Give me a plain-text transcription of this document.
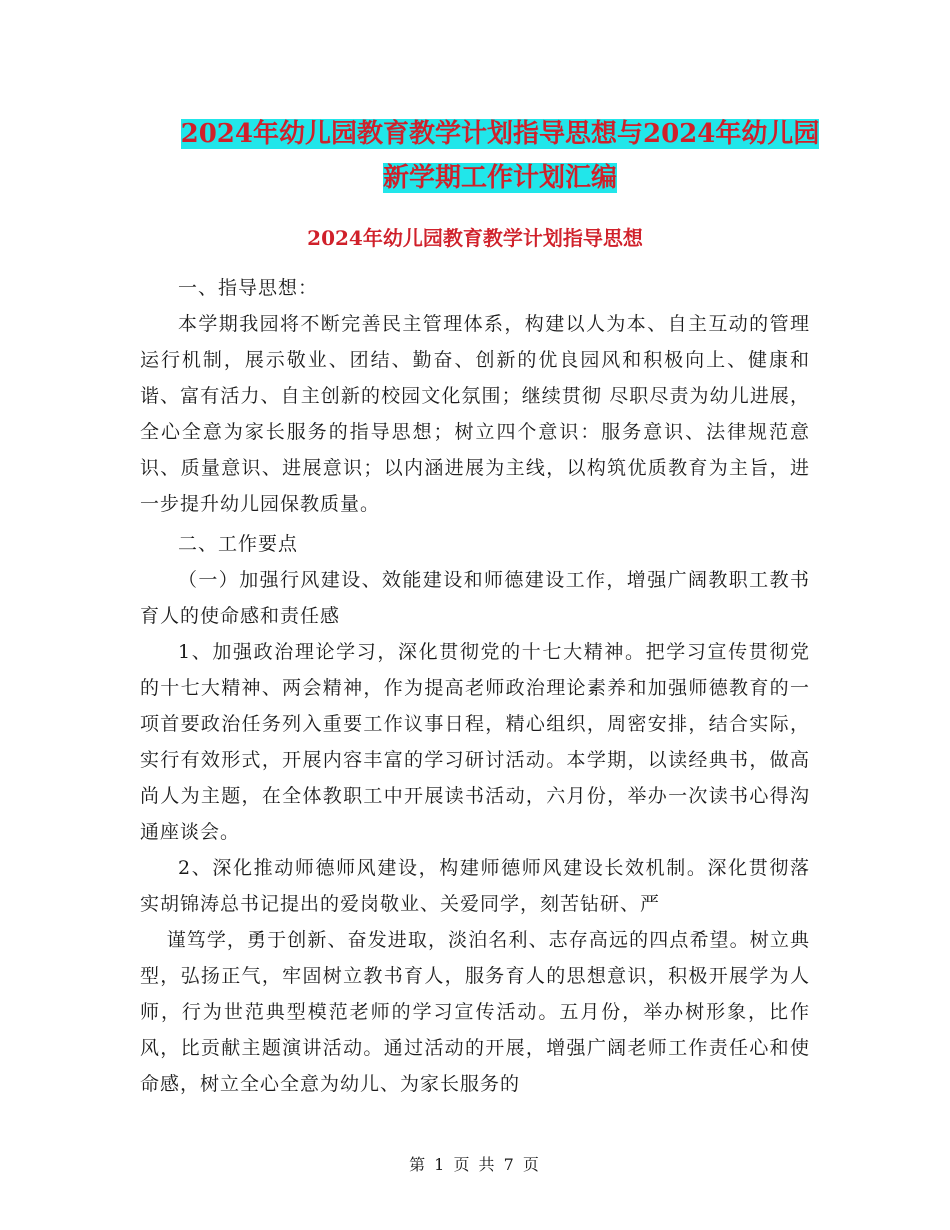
2024年幼儿园教育教学计划指导思想与2024年幼儿园
新学期工作计划汇编
2024年幼儿园教育教学计划指导思想

一、指导思想：

本学期我园将不断完善民主管理体系，构建以人为本、自主互动的管理运行机制，展示敬业、团结、勤奋、创新的优良园风和积极向上、健康和谐、富有活力、自主创新的校园文化氛围；继续贯彻 尽职尽责为幼儿进展，全心全意为家长服务的指导思想；树立四个意识：服务意识、法律规范意识、质量意识、进展意识；以内涵进展为主线，以构筑优质教育为主旨，进一步提升幼儿园保教质量。

二、工作要点

（一）加强行风建设、效能建设和师德建设工作，增强广阔教职工教书育人的使命感和责任感

1、加强政治理论学习，深化贯彻党的十七大精神。把学习宣传贯彻党的十七大精神、两会精神，作为提高老师政治理论素养和加强师德教育的一项首要政治任务列入重要工作议事日程，精心组织，周密安排，结合实际，实行有效形式，开展内容丰富的学习研讨活动。本学期，以读经典书，做高尚人为主题，在全体教职工中开展读书活动，六月份，举办一次读书心得沟通座谈会。

2、深化推动师德师风建设，构建师德师风建设长效机制。深化贯彻落实胡锦涛总书记提出的爱岗敬业、关爱同学，刻苦钻研、严

谨笃学，勇于创新、奋发进取，淡泊名利、志存高远的四点希望。树立典型，弘扬正气，牢固树立教书育人，服务育人的思想意识，积极开展学为人师，行为世范典型模范老师的学习宣传活动。五月份，举办树形象，比作风，比贡献主题演讲活动。通过活动的开展，增强广阔老师工作责任心和使命感，树立全心全意为幼儿、为家长服务的

第 1 页 共 7 页
